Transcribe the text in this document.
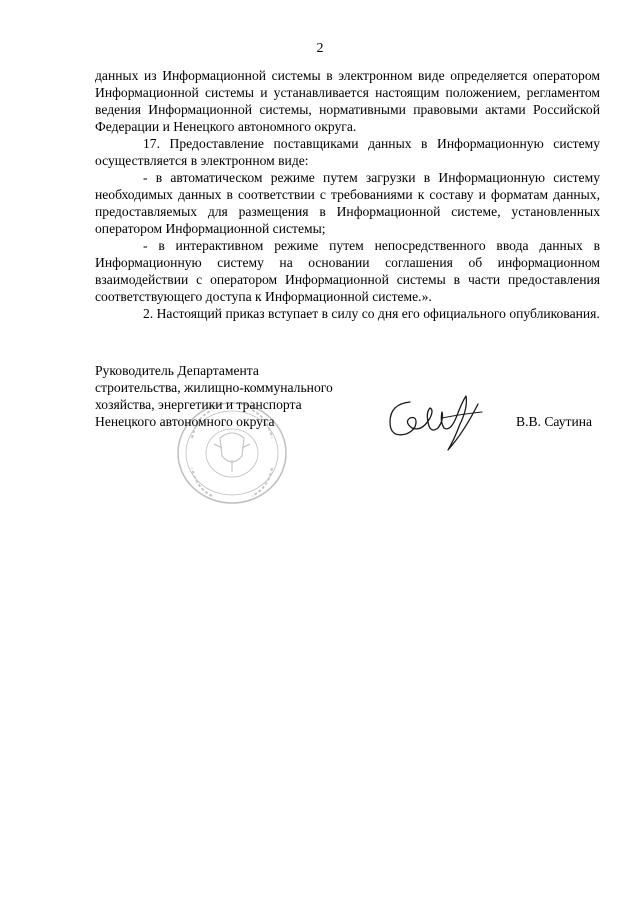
2

данных из Информационной системы в электронном виде определяется оператором Информационной системы и устанавливается настоящим положением, регламентом ведения Информационной системы, нормативными правовыми актами Российской Федерации и Ненецкого автономного округа.

17. Предоставление поставщиками данных в Информационную систему осуществляется в электронном виде:

- в автоматическом режиме путем загрузки в Информационную систему необходимых данных в соответствии с требованиями к составу и форматам данных, предоставляемых для размещения в Информационной системе, установленных оператором Информационной системы;

- в интерактивном режиме путем непосредственного ввода данных в Информационную систему на основании соглашения об информационном взаимодействии с оператором Информационной системы в части предоставления соответствующего доступа к Информационной системе.».

2. Настоящий приказ вступает в силу со дня его официального опубликования.

Руководитель Департамента
строительства, жилищно-коммунального
хозяйства, энергетики и транспорта
Ненецкого автономного округа	В.В. Саутина
